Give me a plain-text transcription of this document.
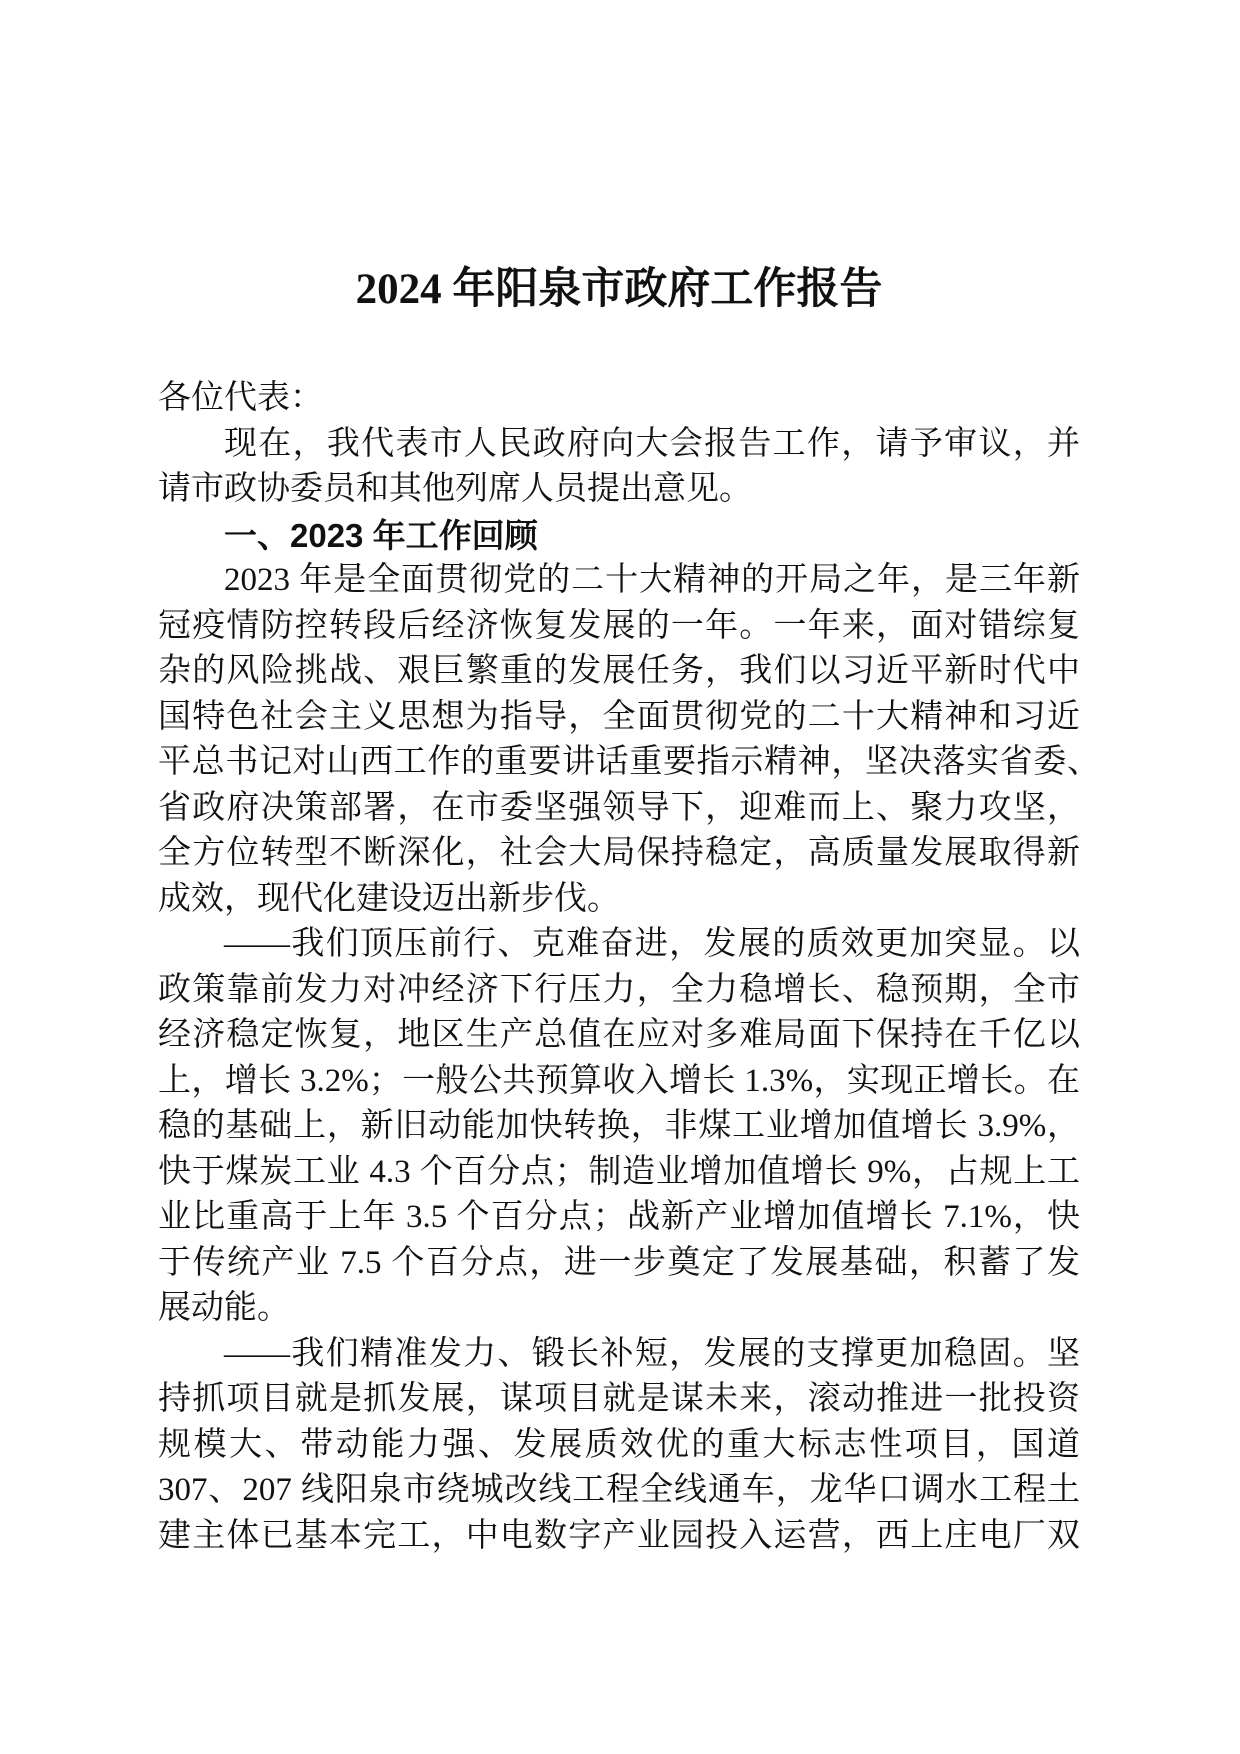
2024 年阳泉市政府工作报告
各位代表：
现在，我代表市人民政府向大会报告工作，请予审议，并
请市政协委员和其他列席人员提出意见。
一、2023 年工作回顾
2023 年是全面贯彻党的二十大精神的开局之年，是三年新
冠疫情防控转段后经济恢复发展的一年。一年来，面对错综复
杂的风险挑战、艰巨繁重的发展任务，我们以习近平新时代中
国特色社会主义思想为指导，全面贯彻党的二十大精神和习近
平总书记对山西工作的重要讲话重要指示精神，坚决落实省委、
省政府决策部署，在市委坚强领导下，迎难而上、聚力攻坚，
全方位转型不断深化，社会大局保持稳定，高质量发展取得新
成效，现代化建设迈出新步伐。
——我们顶压前行、克难奋进，发展的质效更加突显。以
政策靠前发力对冲经济下行压力，全力稳增长、稳预期，全市
经济稳定恢复，地区生产总值在应对多难局面下保持在千亿以
上，增长 3.2%；一般公共预算收入增长 1.3%，实现正增长。在
稳的基础上，新旧动能加快转换，非煤工业增加值增长 3.9%，
快于煤炭工业 4.3 个百分点；制造业增加值增长 9%，占规上工
业比重高于上年 3.5 个百分点；战新产业增加值增长 7.1%，快
于传统产业 7.5 个百分点，进一步奠定了发展基础，积蓄了发
展动能。
——我们精准发力、锻长补短，发展的支撑更加稳固。坚
持抓项目就是抓发展，谋项目就是谋未来，滚动推进一批投资
规模大、带动能力强、发展质效优的重大标志性项目，国道
307、207 线阳泉市绕城改线工程全线通车，龙华口调水工程土
建主体已基本完工，中电数字产业园投入运营，西上庄电厂双
